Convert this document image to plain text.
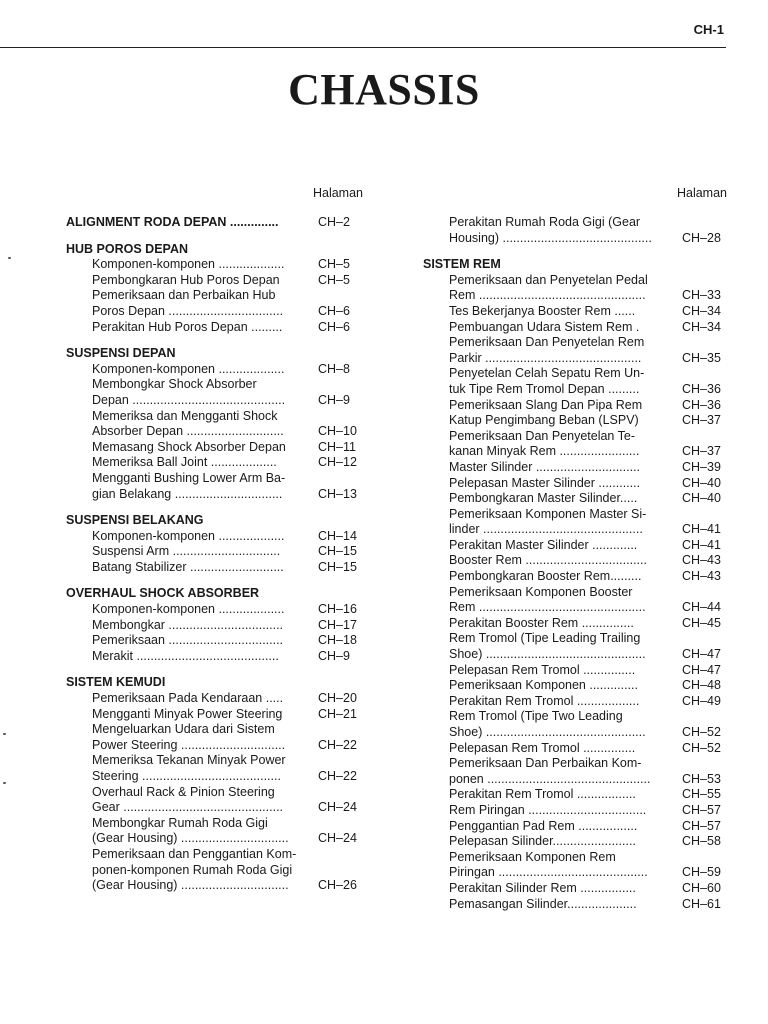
CH-1
CHASSIS
Halaman
ALIGNMENT RODA DEPAN ..............	CH–2
HUB POROS DEPAN
Komponen-komponen ...................	CH–5
Pembongkaran Hub Poros Depan	CH–5
Pemeriksaan dan Perbaikan Hub
Poros Depan .................................	CH–6
Perakitan Hub Poros Depan .........	CH–6
SUSPENSI DEPAN
Komponen-komponen ...................	CH–8
Membongkar Shock Absorber
Depan ............................................	CH–9
Memeriksa dan Mengganti Shock
Absorber Depan ............................	CH–10
Memasang Shock Absorber Depan	CH–11
Memeriksa Ball Joint ...................	CH–12
Mengganti Bushing Lower Arm Ba-
gian Belakang ...............................	CH–13
SUSPENSI BELAKANG
Komponen-komponen ...................	CH–14
Suspensi Arm ...............................	CH–15
Batang Stabilizer ...........................	CH–15
OVERHAUL SHOCK ABSORBER
Komponen-komponen ...................	CH–16
Membongkar .................................	CH–17
Pemeriksaan .................................	CH–18
Merakit .........................................	CH–9
SISTEM KEMUDI
Pemeriksaan Pada Kendaraan .....	CH–20
Mengganti Minyak Power Steering	CH–21
Mengeluarkan Udara dari Sistem
Power Steering ..............................	CH–22
Memeriksa Tekanan Minyak Power
Steering ........................................	CH–22
Overhaul Rack & Pinion Steering
Gear ..............................................	CH–24
Membongkar Rumah Roda Gigi
(Gear Housing) ...............................	CH–24
Pemeriksaan dan Penggantian Kom-
ponen-komponen Rumah Roda Gigi
(Gear Housing) ...............................	CH–26
Halaman
Perakitan Rumah Roda Gigi (Gear
Housing) ...........................................	CH–28
SISTEM REM
Pemeriksaan dan Penyetelan Pedal
Rem ................................................	CH–33
Tes Bekerjanya Booster Rem ......	CH–34
Pembuangan Udara Sistem Rem .	CH–34
Pemeriksaan Dan Penyetelan Rem
Parkir .............................................	CH–35
Penyetelan Celah Sepatu Rem Un-
tuk Tipe Rem Tromol Depan .........	CH–36
Pemeriksaan Slang Dan Pipa Rem	CH–36
Katup Pengimbang Beban (LSPV)	CH–37
Pemeriksaan Dan Penyetelan Te-
kanan Minyak Rem .......................	CH–37
Master Silinder ..............................	CH–39
Pelepasan Master Silinder ............	CH–40
Pembongkaran Master Silinder.....	CH–40
Pemeriksaan Komponen Master Si-
linder ..............................................	CH–41
Perakitan Master Silinder .............	CH–41
Booster Rem ...................................	CH–43
Pembongkaran Booster Rem.........	CH–43
Pemeriksaan Komponen Booster
Rem ................................................	CH–44
Perakitan Booster Rem ...............	CH–45
Rem Tromol (Tipe Leading Trailing
Shoe) ..............................................	CH–47
Pelepasan Rem Tromol ...............	CH–47
Pemeriksaan Komponen ..............	CH–48
Perakitan Rem Tromol ..................	CH–49
Rem Tromol (Tipe Two Leading
Shoe) ..............................................	CH–52
Pelepasan Rem Tromol ...............	CH–52
Pemeriksaan Dan Perbaikan Kom-
ponen ...............................................	CH–53
Perakitan Rem Tromol .................	CH–55
Rem Piringan ..................................	CH–57
Penggantian Pad Rem .................	CH–57
Pelepasan Silinder........................	CH–58
Pemeriksaan Komponen Rem
Piringan ...........................................	CH–59
Perakitan Silinder Rem ................	CH–60
Pemasangan Silinder....................	CH–61
